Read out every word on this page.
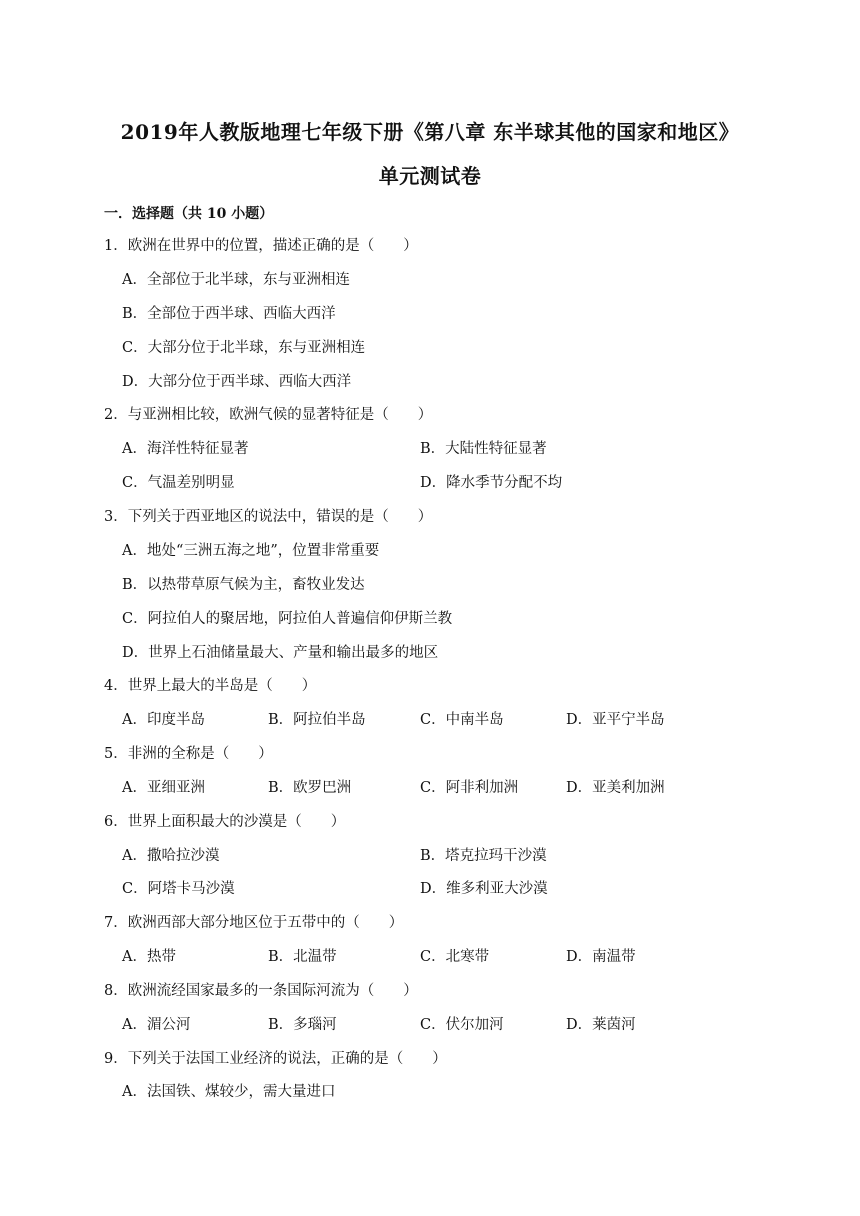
2019年人教版地理七年级下册《第八章 东半球其他的国家和地区》
单元测试卷
一．选择题（共 10 小题）
1．欧洲在世界中的位置，描述正确的是（　　）
A．全部位于北半球，东与亚洲相连
B．全部位于西半球、西临大西洋
C．大部分位于北半球，东与亚洲相连
D．大部分位于西半球、西临大西洋
2．与亚洲相比较，欧洲气候的显著特征是（　　）
A．海洋性特征显著	B．大陆性特征显著
C．气温差别明显	D．降水季节分配不均
3．下列关于西亚地区的说法中，错误的是（　　）
A．地处“三洲五海之地”，位置非常重要
B．以热带草原气候为主，畜牧业发达
C．阿拉伯人的聚居地，阿拉伯人普遍信仰伊斯兰教
D．世界上石油储量最大、产量和输出最多的地区
4．世界上最大的半岛是（　　）
A．印度半岛	B．阿拉伯半岛	C．中南半岛	D．亚平宁半岛
5．非洲的全称是（　　）
A．亚细亚洲	B．欧罗巴洲	C．阿非利加洲	D．亚美利加洲
6．世界上面积最大的沙漠是（　　）
A．撒哈拉沙漠	B．塔克拉玛干沙漠
C．阿塔卡马沙漠	D．维多利亚大沙漠
7．欧洲西部大部分地区位于五带中的（　　）
A．热带	B．北温带	C．北寒带	D．南温带
8．欧洲流经国家最多的一条国际河流为（　　）
A．湄公河	B．多瑙河	C．伏尔加河	D．莱茵河
9．下列关于法国工业经济的说法，正确的是（　　）
A．法国铁、煤较少，需大量进口
